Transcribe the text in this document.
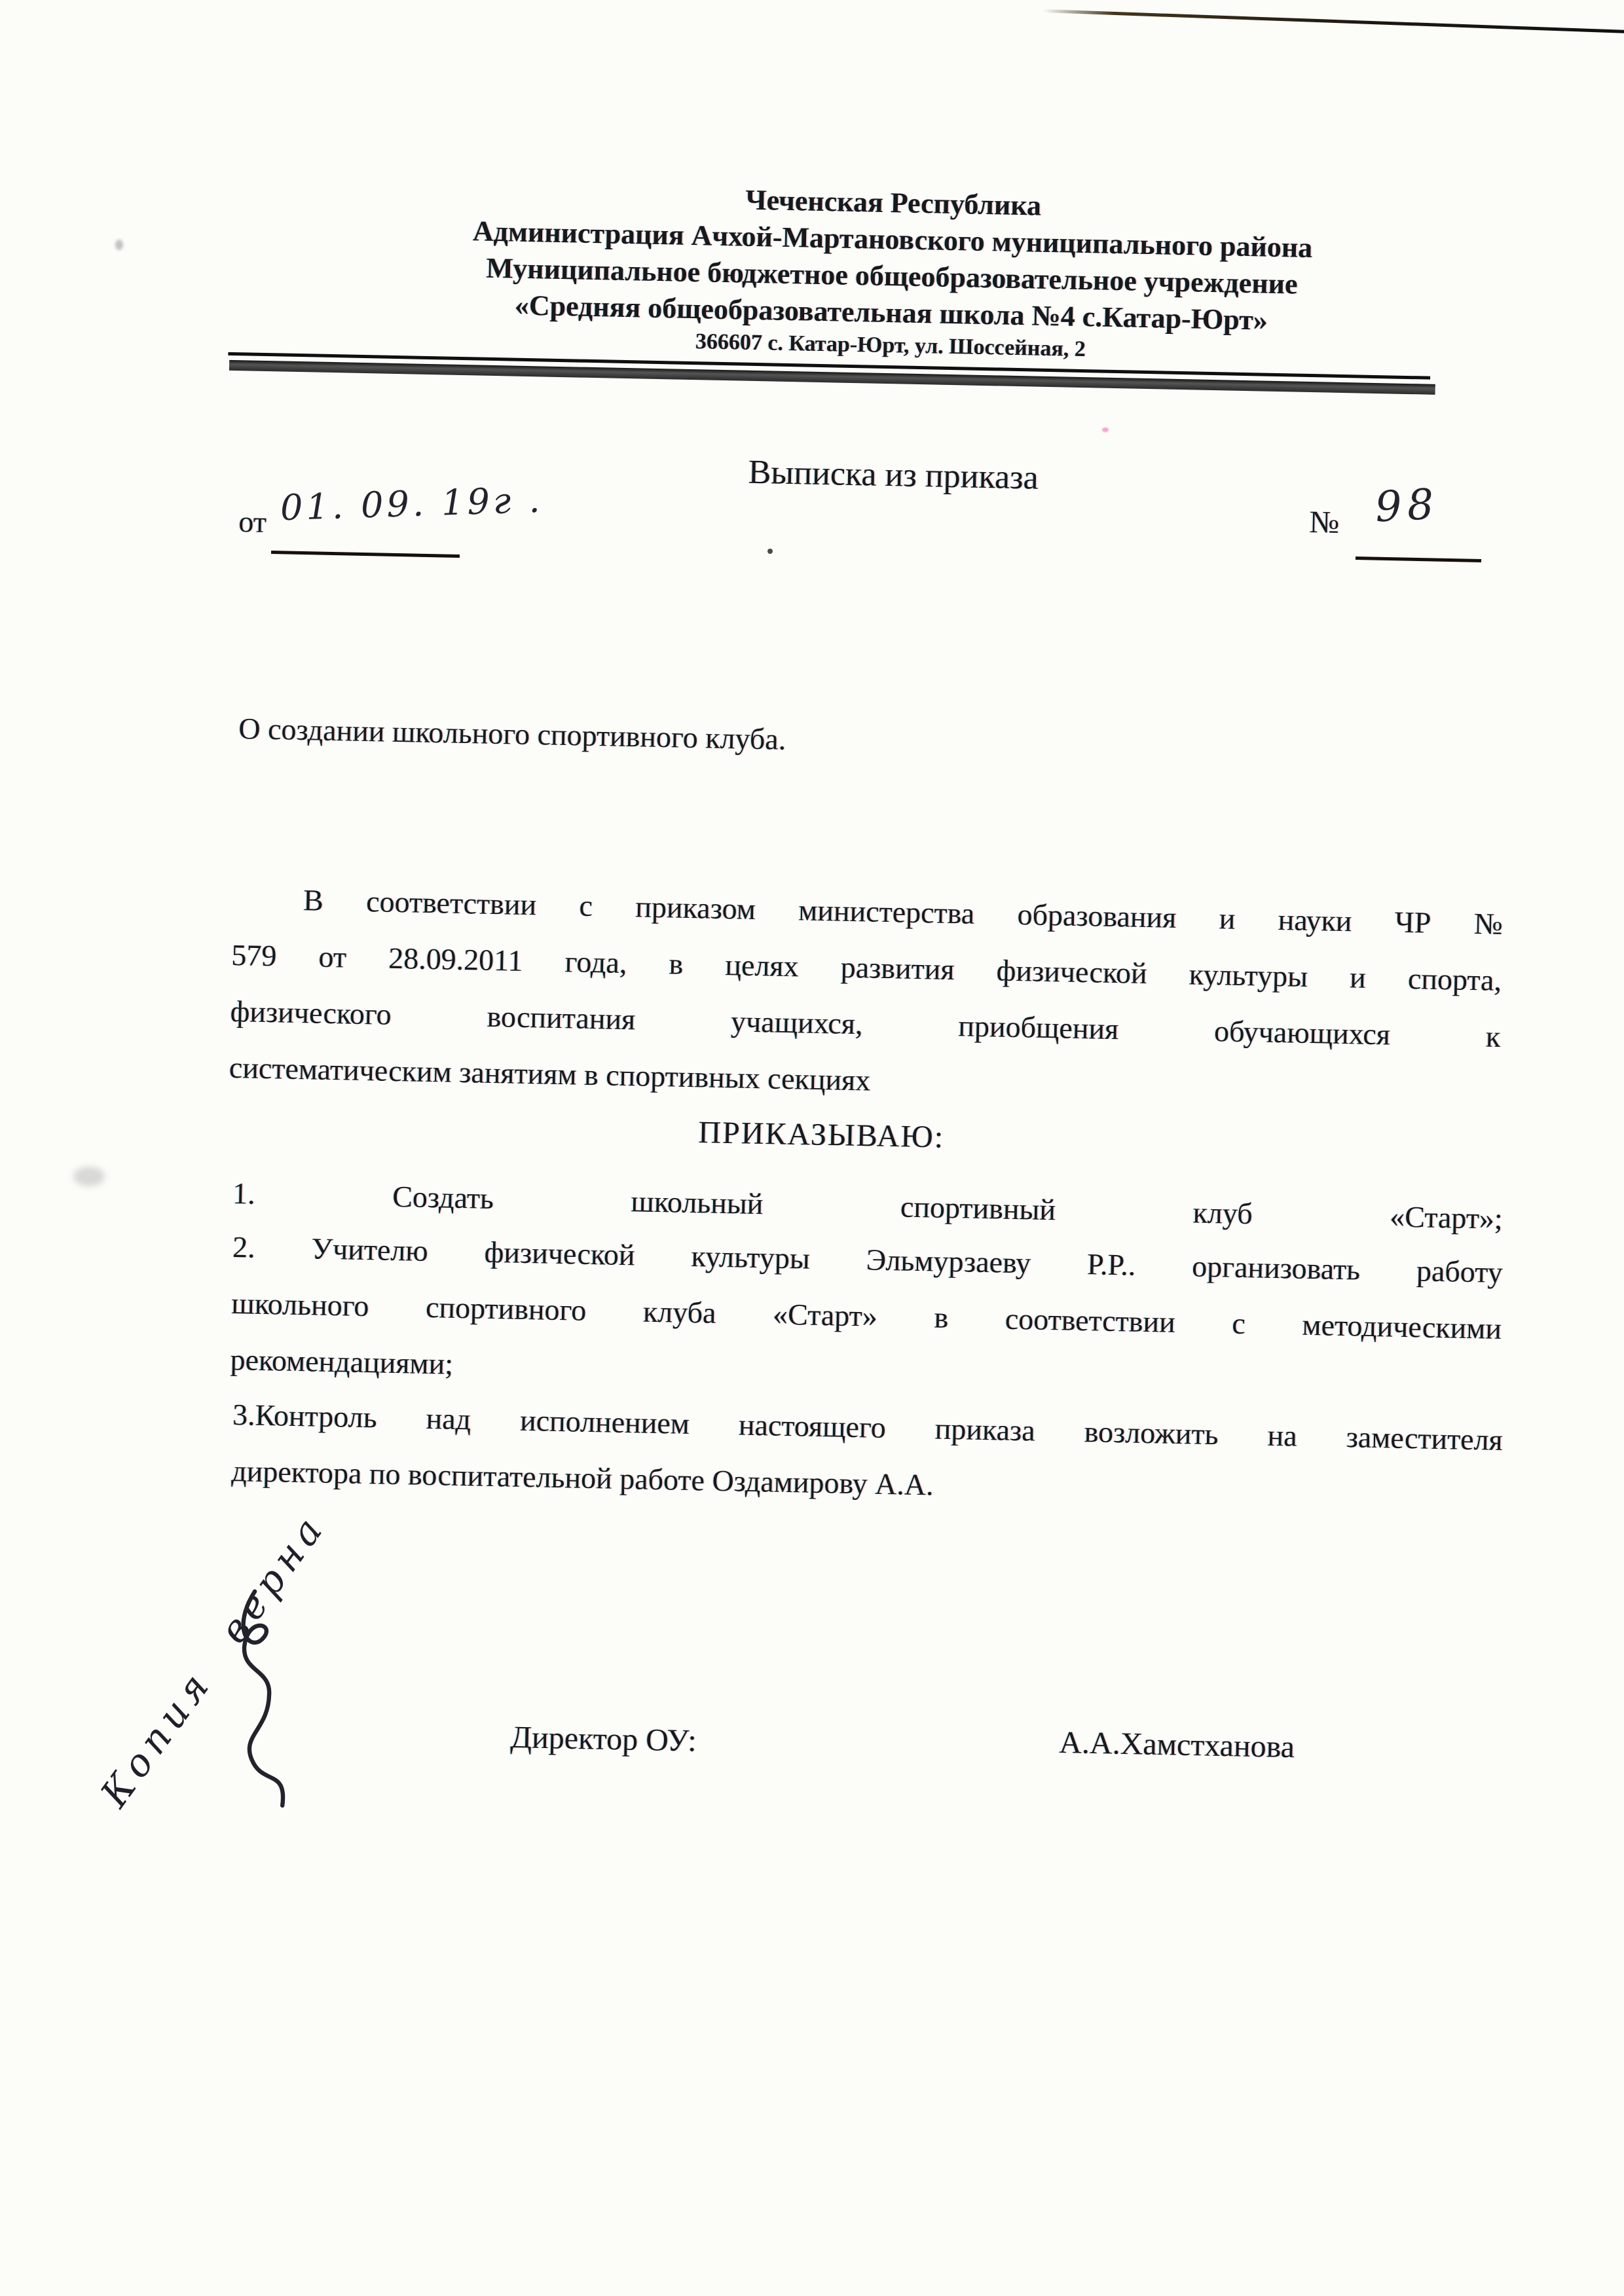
Чеченская Республика
Администрация Ачхой-Мартановского муниципального района
Муниципальное бюджетное общеобразовательное учреждение
«Средняя общеобразовательная школа №4 с.Катар-Юрт»
366607 с. Катар-Юрт, ул. Шоссейная, 2
Выписка из приказа
от 01. 09. 19г .	№ 98
О создании школьного спортивного клуба.
В соответствии с приказом министерства образования и науки ЧР №
579 от 28.09.2011 года, в целях развития физической культуры и спорта,
физического воспитания учащихся, приобщения обучающихся к
систематическим занятиям в спортивных секциях
ПРИКАЗЫВАЮ:
1. Создать школьный спортивный клуб «Старт»;
2. Учителю физической культуры Эльмурзаеву Р.Р.. организовать работу
школьного спортивного клуба «Старт» в соответствии с методическими
рекомендациями;
3.Контроль над исполнением настоящего приказа возложить на заместителя
директора по воспитательной работе Оздамирову А.А.
Копия верна	Директор ОУ:	А.А.Хамстханова
